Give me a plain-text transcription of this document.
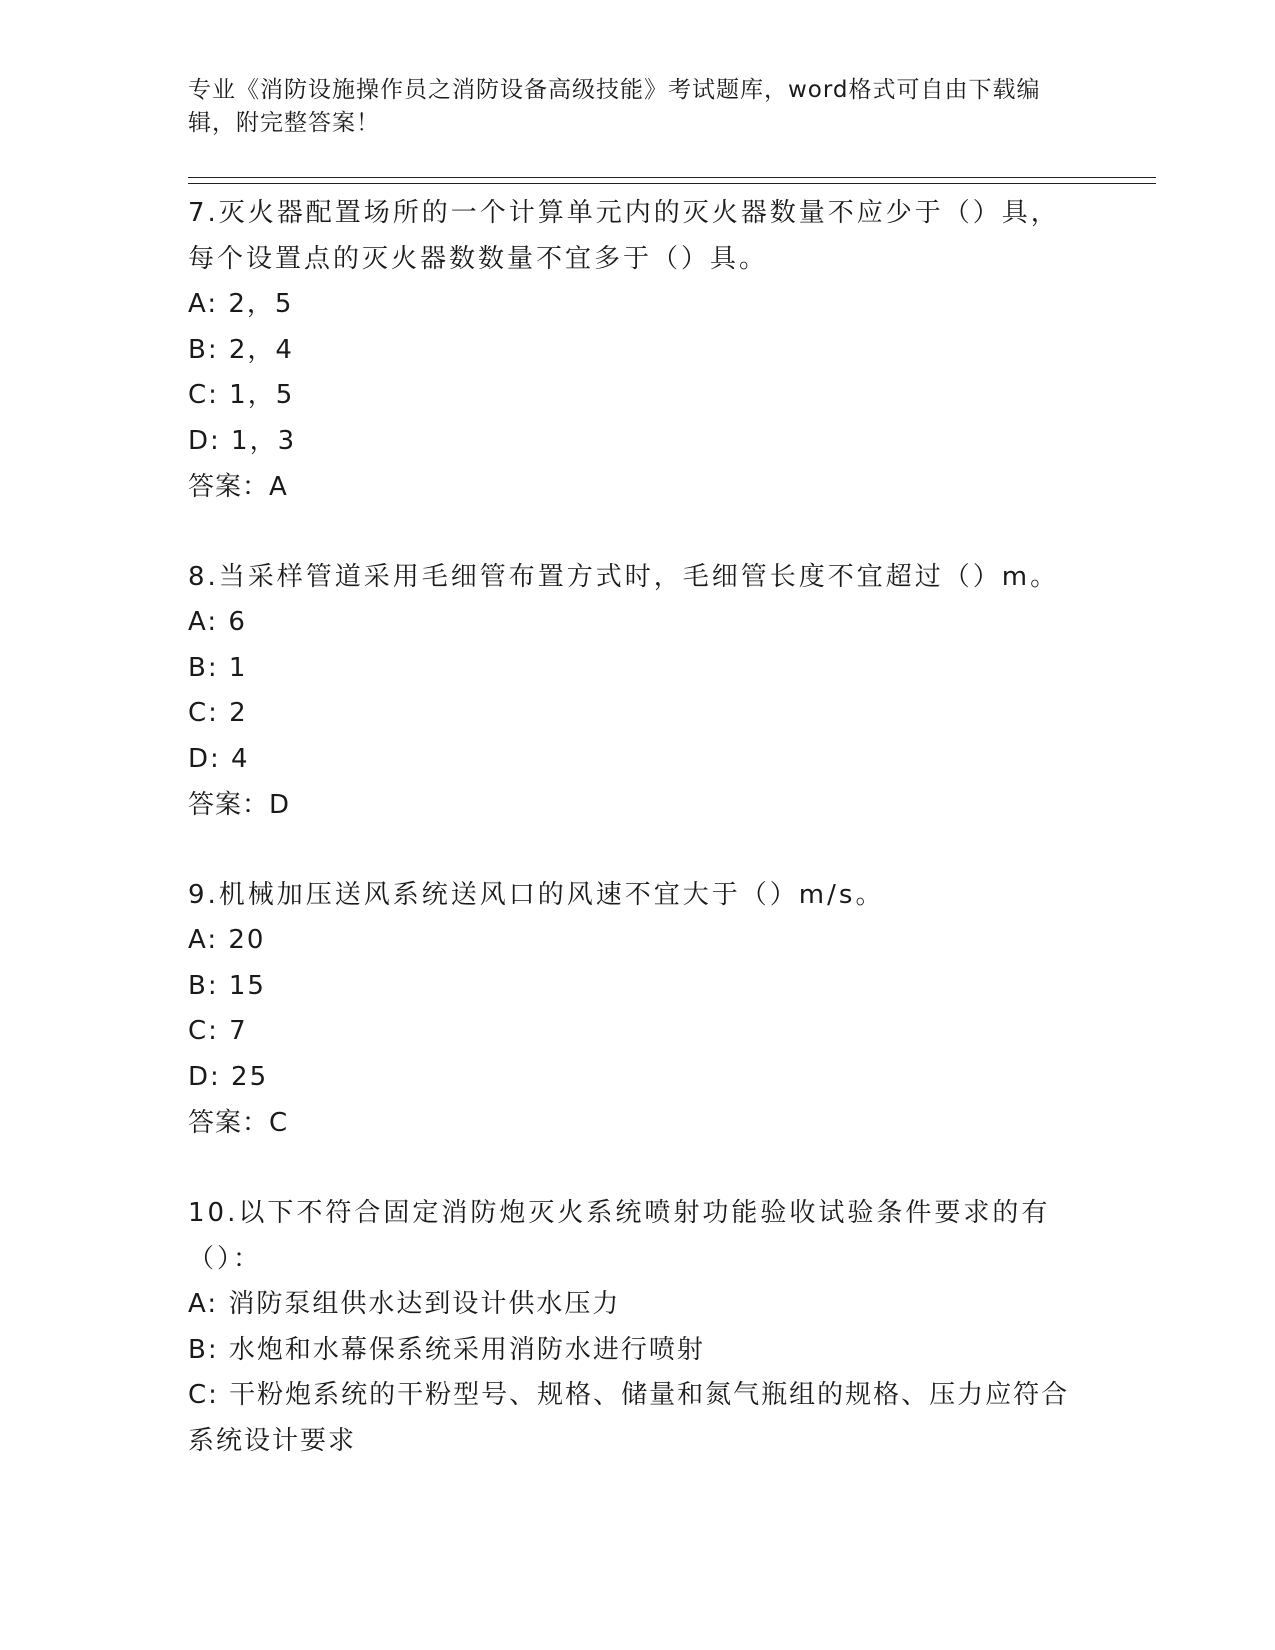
专业《消防设施操作员之消防设备高级技能》考试题库，word格式可自由下载编辑，附完整答案！
7.灭火器配置场所的一个计算单元内的灭火器数量不应少于（）具，每个设置点的灭火器数数量不宜多于（）具。
A: 2，5
B: 2，4
C: 1，5
D: 1，3
答案：A
8.当采样管道采用毛细管布置方式时，毛细管长度不宜超过（）m。
A: 6
B: 1
C: 2
D: 4
答案：D
9.机械加压送风系统送风口的风速不宜大于（）m/s。
A: 20
B: 15
C: 7
D: 25
答案：C
10.以下不符合固定消防炮灭火系统喷射功能验收试验条件要求的有（）：
A: 消防泵组供水达到设计供水压力
B: 水炮和水幕保系统采用消防水进行喷射
C: 干粉炮系统的干粉型号、规格、储量和氮气瓶组的规格、压力应符合系统设计要求
